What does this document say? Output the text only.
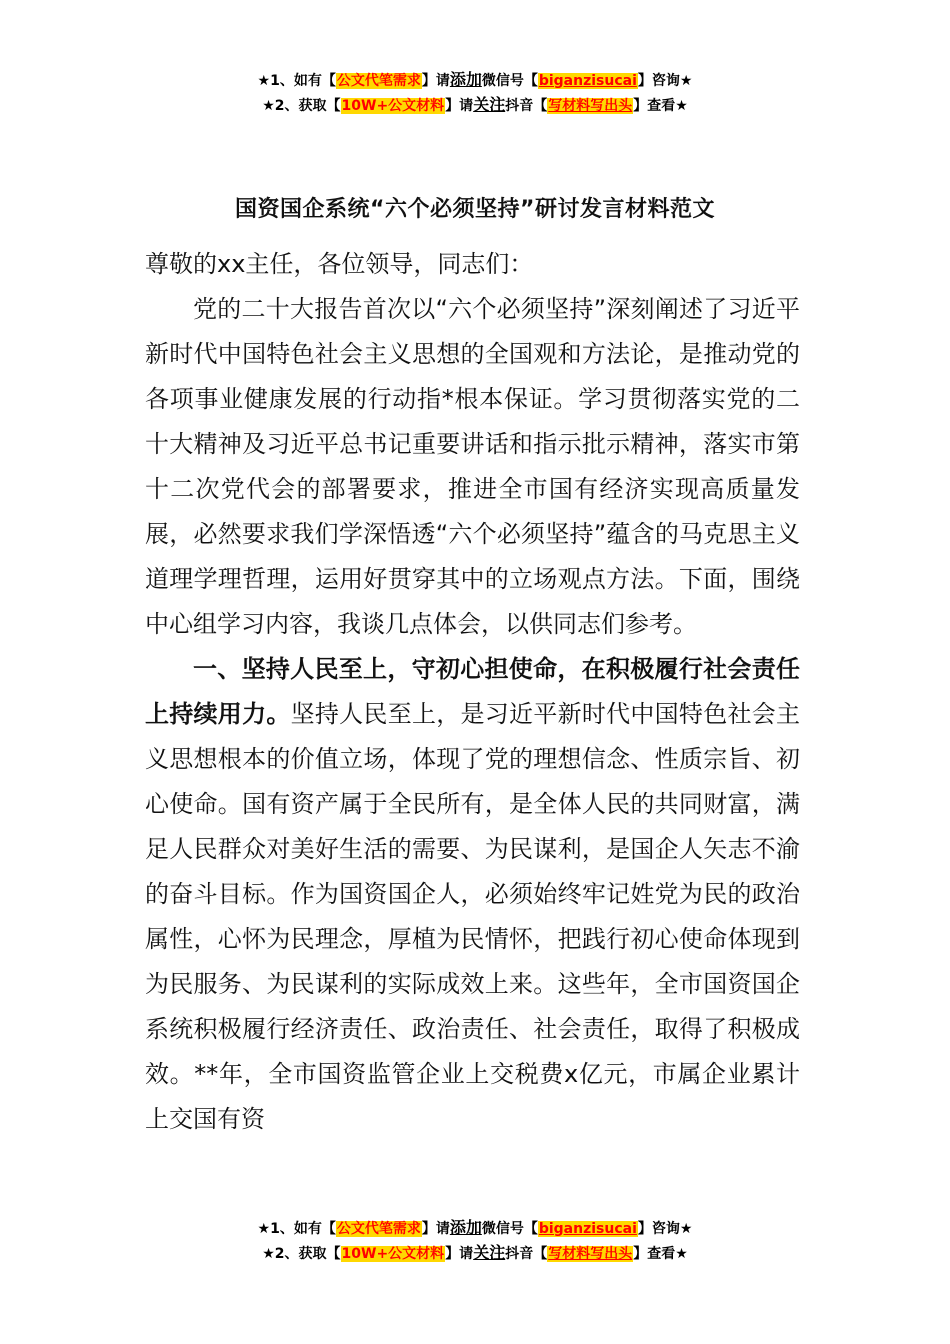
★1、如有【公文代笔需求】请添加微信号【biganzisucai】咨询★
★2、获取【10W+公文材料】请关注抖音【写材料写出头】查看★
国资国企系统“六个必须坚持”研讨发言材料范文

尊敬的xx主任，各位领导，同志们：

党的二十大报告首次以“六个必须坚持”深刻阐述了习近平新时代中国特色社会主义思想的全国观和方法论，是推动党的各项事业健康发展的行动指*根本保证。学习贯彻落实党的二十大精神及习近平总书记重要讲话和指示批示精神，落实市第十二次党代会的部署要求，推进全市国有经济实现高质量发展，必然要求我们学深悟透“六个必须坚持”蕴含的马克思主义道理学理哲理，运用好贯穿其中的立场观点方法。下面，围绕中心组学习内容，我谈几点体会，以供同志们参考。

一、坚持人民至上，守初心担使命，在积极履行社会责任上持续用力。坚持人民至上，是习近平新时代中国特色社会主义思想根本的价值立场，体现了党的理想信念、性质宗旨、初心使命。国有资产属于全民所有，是全体人民的共同财富，满足人民群众对美好生活的需要、为民谋利，是国企人矢志不渝的奋斗目标。作为国资国企人，必须始终牢记姓党为民的政治属性，心怀为民理念，厚植为民情怀，把践行初心使命体现到为民服务、为民谋利的实际成效上来。这些年，全市国资国企系统积极履行经济责任、政治责任、社会责任，取得了积极成效。**年，全市国资监管企业上交税费x亿元，市属企业累计上交国有资

★1、如有【公文代笔需求】请添加微信号【biganzisucai】咨询★
★2、获取【10W+公文材料】请关注抖音【写材料写出头】查看★
